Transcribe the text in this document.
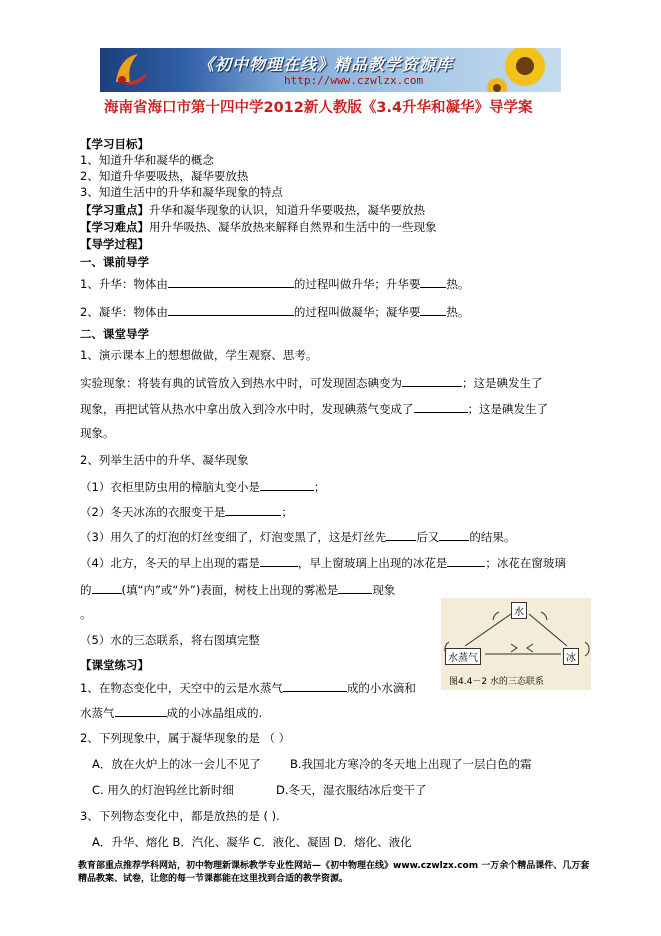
《初中物理在线》精品教学资源库
http://www.czwlzx.com
海南省海口市第十四中学2012新人教版《3.4升华和凝华》导学案
【学习目标】
1、知道升华和凝华的概念
2、知道升华要吸热，凝华要放热
3、知道生活中的升华和凝华现象的特点
【学习重点】升华和凝华现象的认识，知道升华要吸热，凝华要放热
【学习难点】用升华吸热、凝华放热来解释自然界和生活中的一些现象
【导学过程】
一、课前导学
1、升华：物体由	的过程叫做升华；升华要 热。
2、凝华：物体由	的过程叫做凝华；凝华要 热。
二、课堂导学
1、演示课本上的想想做做，学生观察、思考。
实验现象：将装有典的试管放入到热水中时，可发现固态碘变为	；这是碘发生了
现象，再把试管从热水中拿出放入到冷水中时，发现碘蒸气变成了	；这是碘发生了
现象。
2、列举生活中的升华、凝华现象
（1）衣柜里防虫用的樟脑丸变小是	；
（2）冬天冰冻的衣服变干是	；
（3）用久了的灯泡的灯丝变细了，灯泡变黑了，这是灯丝先	后又	的结果。
（4）北方，冬天的早上出现的霜是	，早上窗玻璃上出现的冰花是	；冰花在窗玻璃
的	(填“内”或“外”)表面，树枝上出现的雾凇是	现象
。
（5）水的三态联系，将右图填完整
水
水蒸气	冰
图4.4－2 水的三态联系
【课堂练习】
1、在物态变化中，天空中的云是水蒸气	成的小水滴和
水蒸气	成的小冰晶组成的.
2、下列现象中，属于凝华现象的是 （ ）
A．放在火炉上的冰一会儿不见了	B.我国北方寒冷的冬天地上出现了一层白色的霜
C. 用久的灯泡钨丝比新时细	D.冬天，湿衣服结冰后变干了
3、下列物态变化中，都是放热的是 ( ).
A．升华、熔化 B．汽化、凝华 C．液化、凝固 D．熔化、液化
教育部重点推荐学科网站，初中物理新课标教学专业性网站—《初中物理在线》www.czwlzx.com 一万余个精品课件、几万套精品教案、试卷，让您的每一节课都能在这里找到合适的教学资源。
